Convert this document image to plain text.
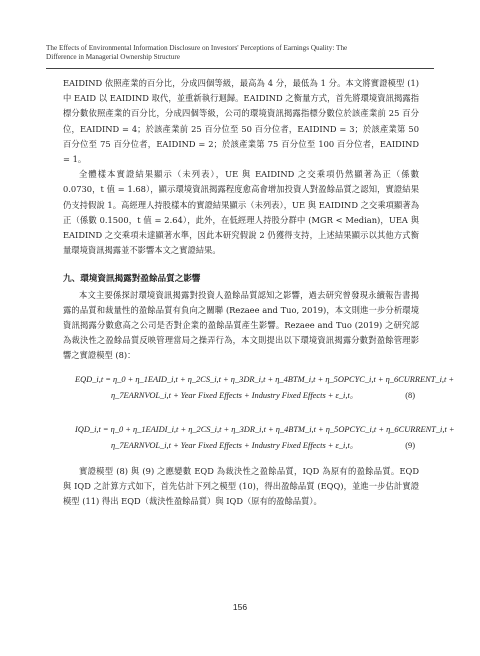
The Effects of Environmental Information Disclosure on Investors' Perceptions of Earnings Quality: The
Difference in Managerial Ownership Structure

EAIDIND 依照產業的百分比，分成四個等級，最高為 4 分，最低為 1 分。本文將實證模型 (1) 中 EAID 以 EAIDIND 取代，並重新執行迴歸。EAIDIND 之衡量方式，首先將環境資訊揭露指標分數依照產業的百分比，分成四個等級，公司的環境資訊揭露指標分數位於該產業前 25 百分位，EAIDIND = 4；於該產業前 25 百分位至 50 百分位者，EAIDIND = 3；於該產業第 50 百分位至 75 百分位者，EAIDIND = 2；於該產業第 75 百分位至 100 百分位者，EAIDIND = 1。

全體樣本實證結果顯示（未列表），UE 與 EAIDIND 之交乘項仍然顯著為正（係數 0.0730，t 值 = 1.68），顯示環境資訊揭露程度愈高會增加投資人對盈餘品質之認知，實證結果仍支持假說 1。高經理人持股樣本的實證結果顯示（未列表），UE 與 EAIDIND 之交乘項顯著為正（係數 0.1500，t 值 = 2.64），此外，在低經理人持股分群中 (MGR < Median)，UEA 與 EAIDIND 之交乘項未達顯著水準，因此本研究假說 2 仍獲得支持，上述結果顯示以其他方式衡量環境資訊揭露並不影響本文之實證結果。

九、環境資訊揭露對盈餘品質之影響

本文主要係探討環境資訊揭露對投資人盈餘品質認知之影響，過去研究曾發現永續報告書揭露的品質和裁量性的盈餘品質有負向之關聯 (Rezaee and Tuo, 2019)，本文則進一步分析環境資訊揭露分數愈高之公司是否對企業的盈餘品質產生影響。Rezaee and Tuo (2019) 之研究認為裁決性之盈餘品質反映管理當局之操弄行為，本文則提出以下環境資訊揭露分數對盈餘管理影響之實證模型 (8)：

EQD_i,t = η_0 + η_1EAID_i,t + η_2CS_i,t + η_3DR_i,t + η_4BTM_i,t + η_5OPCYC_i,t + η_6CURRENT_i,t +
η_7EARNVOL_i,t + Year Fixed Effects + Industry Fixed Effects + ε_i,t。	(8)
IQD_i,t = η_0 + η_1EAIDI_i,t + η_2CS_i,t + η_3DR_i,t + η_4BTM_i,t + η_5OPCYC_i,t + η_6CURRENT_i,t +
η_7EARNVOL_i,t + Year Fixed Effects + Industry Fixed Effects + ε_i,t。	(9)

實證模型 (8) 與 (9) 之應變數 EQD 為裁決性之盈餘品質，IQD 為原有的盈餘品質。EQD 與 IQD 之計算方式如下，首先估計下列之模型 (10)，得出盈餘品質 (EQQ)，並進一步估計實證模型 (11) 得出 EQD（裁決性盈餘品質）與 IQD（原有的盈餘品質）。

156
